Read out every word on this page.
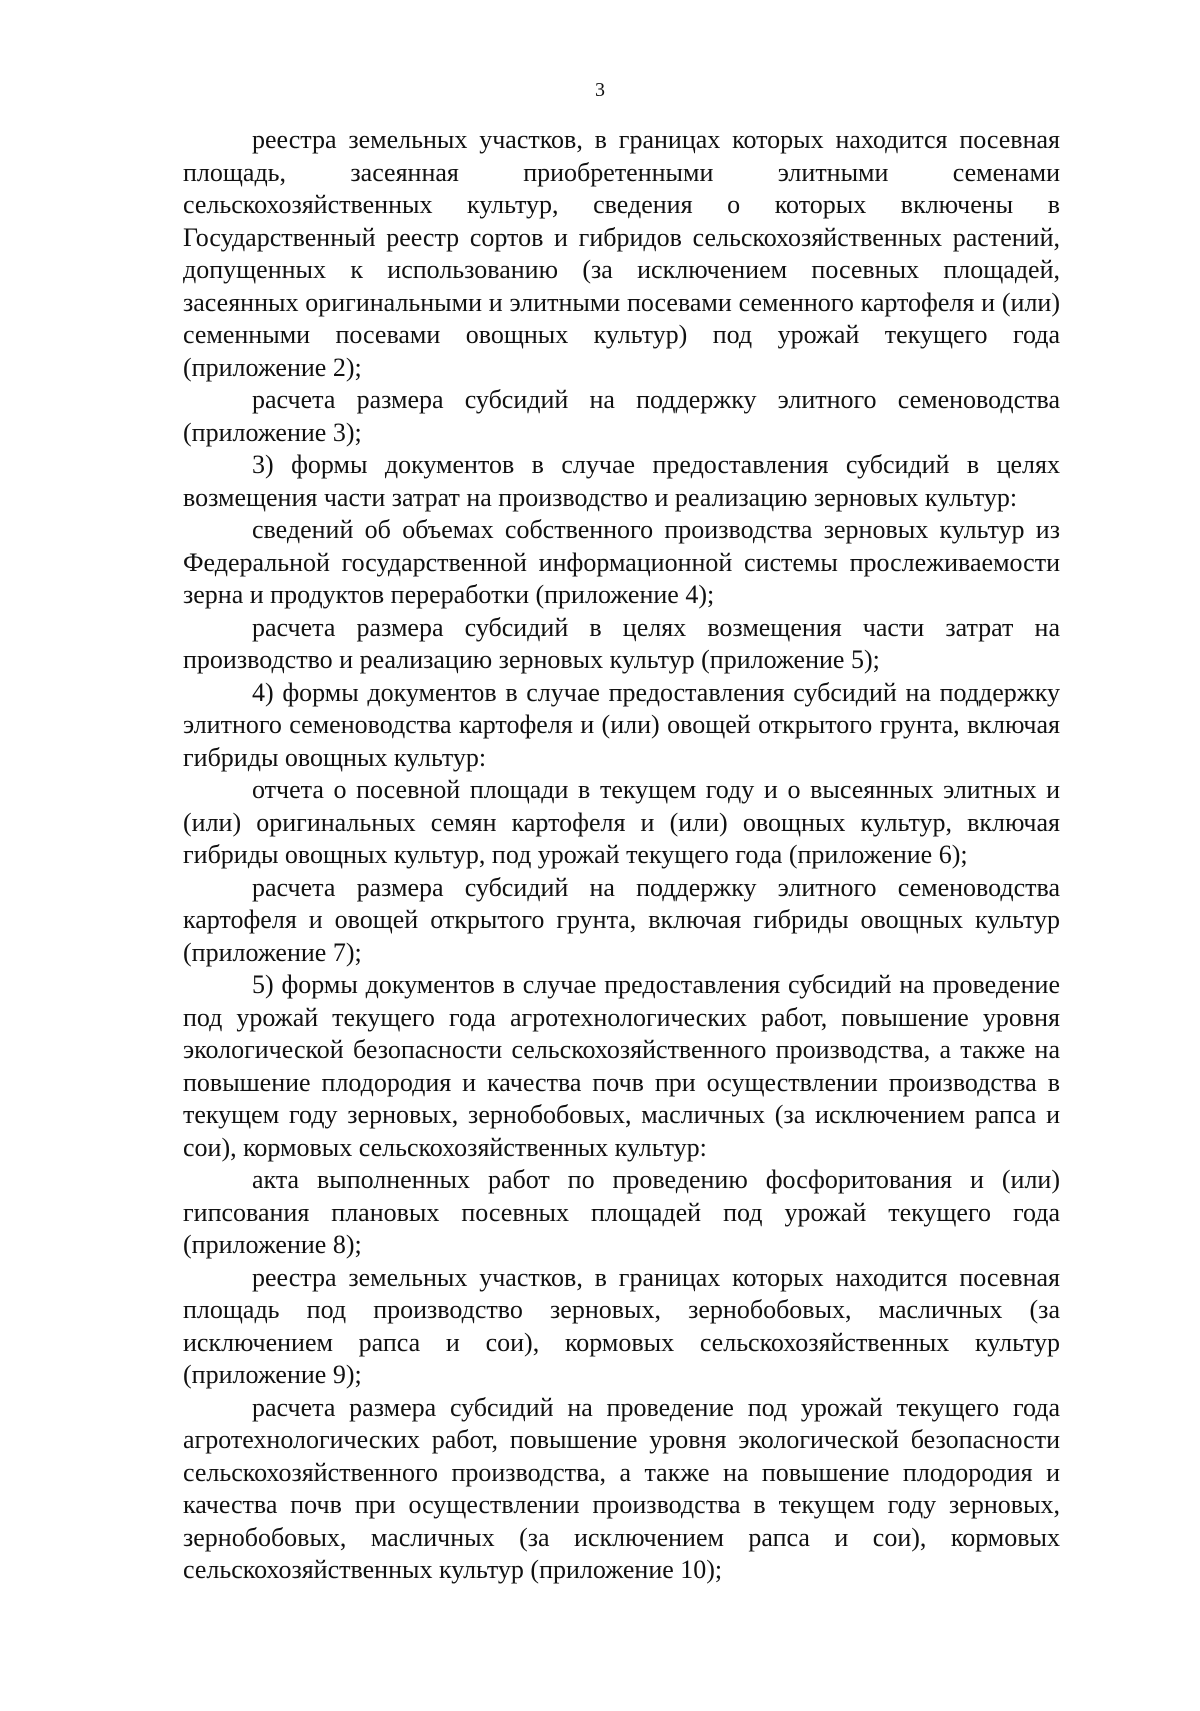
3

реестра земельных участков, в границах которых находится посевная площадь, засеянная приобретенными элитными семенами сельскохозяйственных культур, сведения о которых включены в Государственный реестр сортов и гибридов сельскохозяйственных растений, допущенных к использованию (за исключением посевных площадей, засеянных оригинальными и элитными посевами семенного картофеля и (или) семенными посевами овощных культур) под урожай текущего года (приложение 2);

расчета размера субсидий на поддержку элитного семеноводства (приложение 3);

3) формы документов в случае предоставления субсидий в целях возмещения части затрат на производство и реализацию зерновых культур:

сведений об объемах собственного производства зерновых культур из Федеральной государственной информационной системы прослеживаемости зерна и продуктов переработки (приложение 4);

расчета размера субсидий в целях возмещения части затрат на производство и реализацию зерновых культур (приложение 5);

4) формы документов в случае предоставления субсидий на поддержку элитного семеноводства картофеля и (или) овощей открытого грунта, включая гибриды овощных культур:

отчета о посевной площади в текущем году и о высеянных элитных и (или) оригинальных семян картофеля и (или) овощных культур, включая гибриды овощных культур, под урожай текущего года (приложение 6);

расчета размера субсидий на поддержку элитного семеноводства картофеля и овощей открытого грунта, включая гибриды овощных культур (приложение 7);

5) формы документов в случае предоставления субсидий на проведение под урожай текущего года агротехнологических работ, повышение уровня экологической безопасности сельскохозяйственного производства, а также на повышение плодородия и качества почв при осуществлении производства в текущем году зерновых, зернобобовых, масличных (за исключением рапса и сои), кормовых сельскохозяйственных культур:

акта выполненных работ по проведению фосфоритования и (или) гипсования плановых посевных площадей под урожай текущего года (приложение 8);

реестра земельных участков, в границах которых находится посевная площадь под производство зерновых, зернобобовых, масличных (за исключением рапса и сои), кормовых сельскохозяйственных культур (приложение 9);

расчета размера субсидий на проведение под урожай текущего года агротехнологических работ, повышение уровня экологической безопасности сельскохозяйственного производства, а также на повышение плодородия и качества почв при осуществлении производства в текущем году зерновых, зернобобовых, масличных (за исключением рапса и сои), кормовых сельскохозяйственных культур (приложение 10);
